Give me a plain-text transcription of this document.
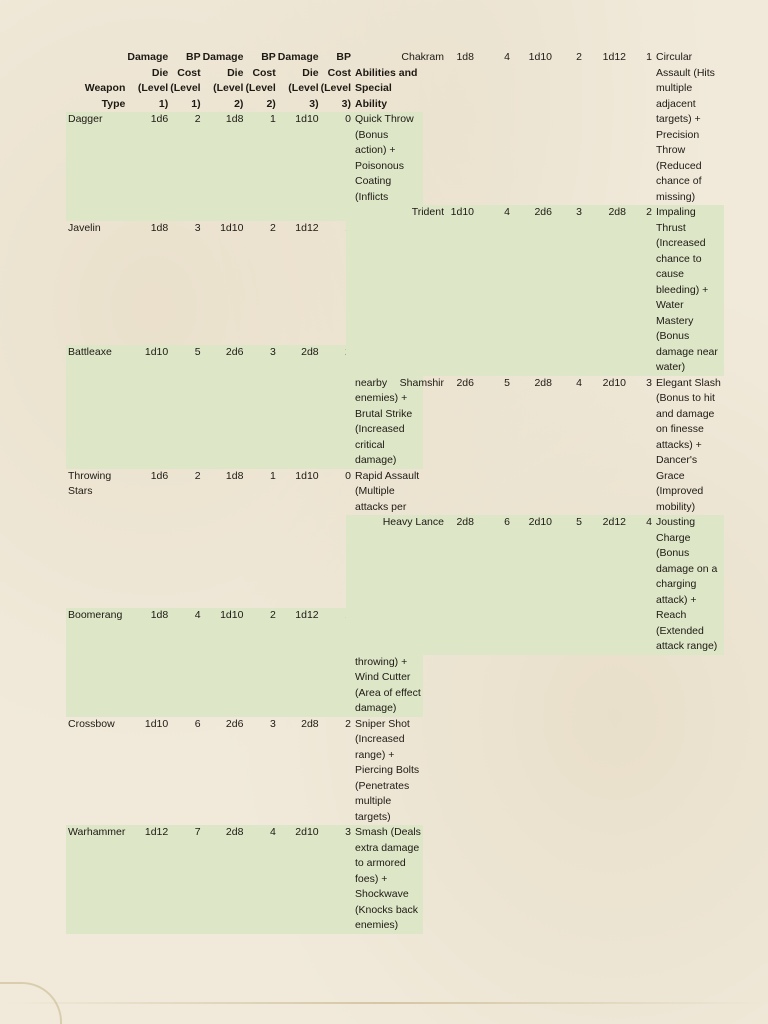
Weapon Type	Damage Die (Level 1)	BP Cost (Level 1)	Damage Die (Level 2)	BP Cost (Level 2)	Damage Die (Level 3)	BP Cost (Level 3)	Abilities and Special Ability
Dagger	1d6	2	1d8	1	1d10	0	Quick Throw (Bonus action) + Poisonous Coating (Inflicts
Javelin	1d8	3	1d10	2	1d12		
Battleaxe	1d10	5	2d6	3	2d8		nearby enemies) + Brutal Strike (Increased critical damage)
Throwing Stars	1d6	2	1d8	1	1d10	0	Rapid Assault (Multiple attacks per
Boomerang	1d8	4	1d10	2	1d12		throwing) + Wind Cutter (Area of effect damage)
Crossbow	1d10	6	2d6	3	2d8	2	Sniper Shot (Increased range) + Piercing Bolts (Penetrates multiple targets)
Warhammer	1d12	7	2d8	4	2d10	3	Smash (Deals extra damage to armored foes) + Shockwave (Knocks back enemies)
Chakram	1d8	4	1d10	2	1d12	1	Circular Assault (Hits multiple adjacent targets) + Precision Throw (Reduced chance of missing)
Trident	1d10	4	2d6	3	2d8	2	Impaling Thrust (Increased chance to cause bleeding) + Water Mastery (Bonus damage near water)
Shamshir	2d6	5	2d8	4	2d10	3	Elegant Slash (Bonus to hit and damage on finesse attacks) + Dancer's Grace (Improved mobility)
Heavy Lance	2d8	6	2d10	5	2d12	4	Jousting Charge (Bonus damage on a charging attack) + Reach (Extended attack range)
